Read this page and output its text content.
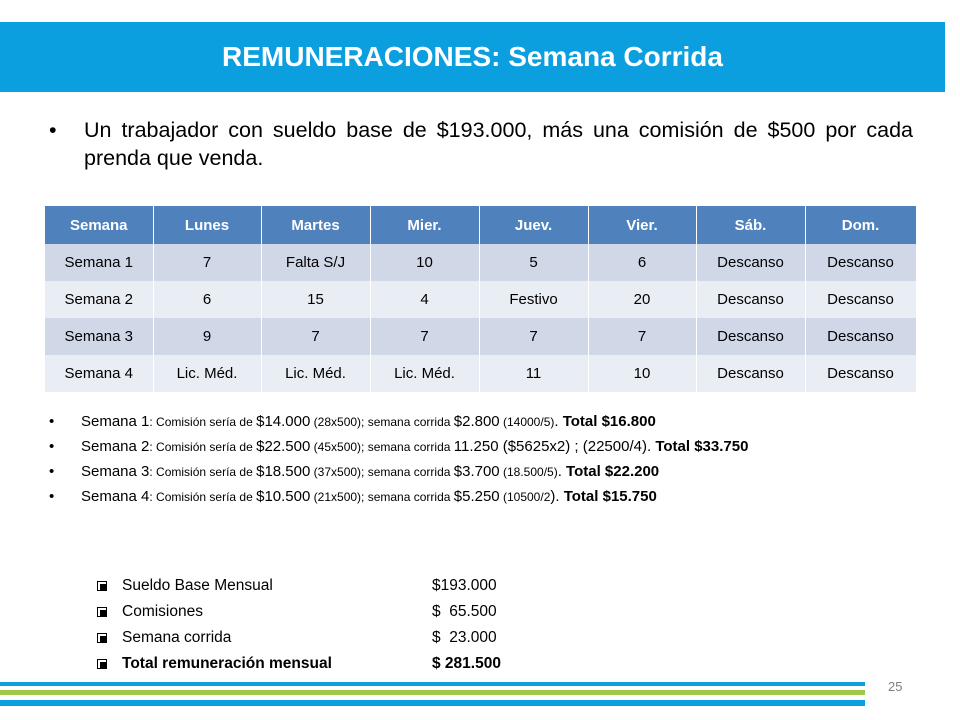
REMUNERACIONES: Semana Corrida
• Un trabajador con sueldo base de $193.000, más una comisión de $500 por cada prenda que venda.
Semana	Lunes	Martes	Mier.	Juev.	Vier.	Sáb.	Dom.
Semana 1	7	Falta S/J	10	5	6	Descanso	Descanso
Semana 2	6	15	4	Festivo	20	Descanso	Descanso
Semana 3	9	7	7	7	7	Descanso	Descanso
Semana 4	Lic. Méd.	Lic. Méd.	Lic. Méd.	11	10	Descanso	Descanso
• Semana 1: Comisión sería de $14.000 (28x500); semana corrida $2.800 (14000/5). Total $16.800
• Semana 2: Comisión sería de $22.500 (45x500); semana corrida 11.250 ($5625x2) ; (22500/4). Total $33.750
• Semana 3: Comisión sería de $18.500 (37x500); semana corrida $3.700 (18.500/5). Total $22.200
• Semana 4: Comisión sería de $10.500 (21x500); semana corrida $5.250 (10500/2). Total $15.750
Sueldo Base Mensual	$193.000
Comisiones	$  65.500
Semana corrida	$  23.000
Total remuneración mensual	$ 281.500
25
